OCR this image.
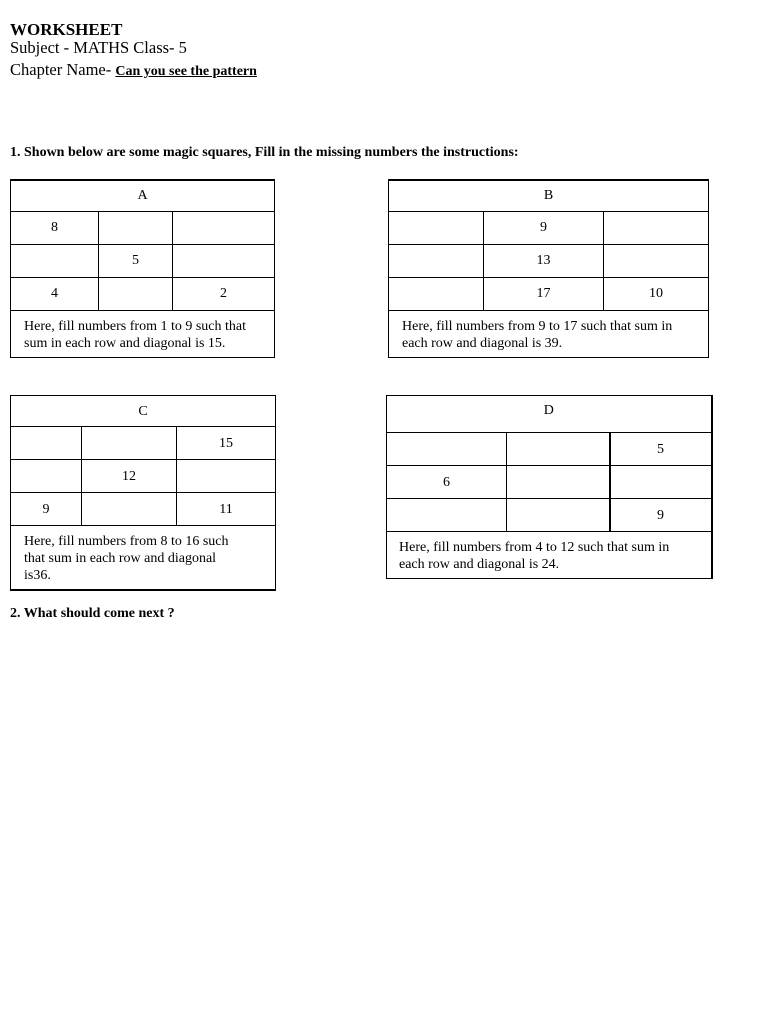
WORKSHEET
Subject - MATHS Class- 5
Chapter Name- Can you see the pattern
1. Shown below are some magic squares, Fill in the missing numbers the instructions:
A		
8		
	5	
4		2
Here, fill numbers from 1 to 9 such that sum in each row and diagonal is 15.		
B		
	9	
	13	
	17	10
Here, fill numbers from 9 to 17 such that sum in each row and diagonal is 39.		
C		
		15
	12	
9		11
Here, fill numbers from 8 to 16 such that sum in each row and diagonal is36.		
D		
		5
6		
		9
Here, fill numbers from 4 to 12 such that sum in each row and diagonal is 24.		
2. What should come next ?
